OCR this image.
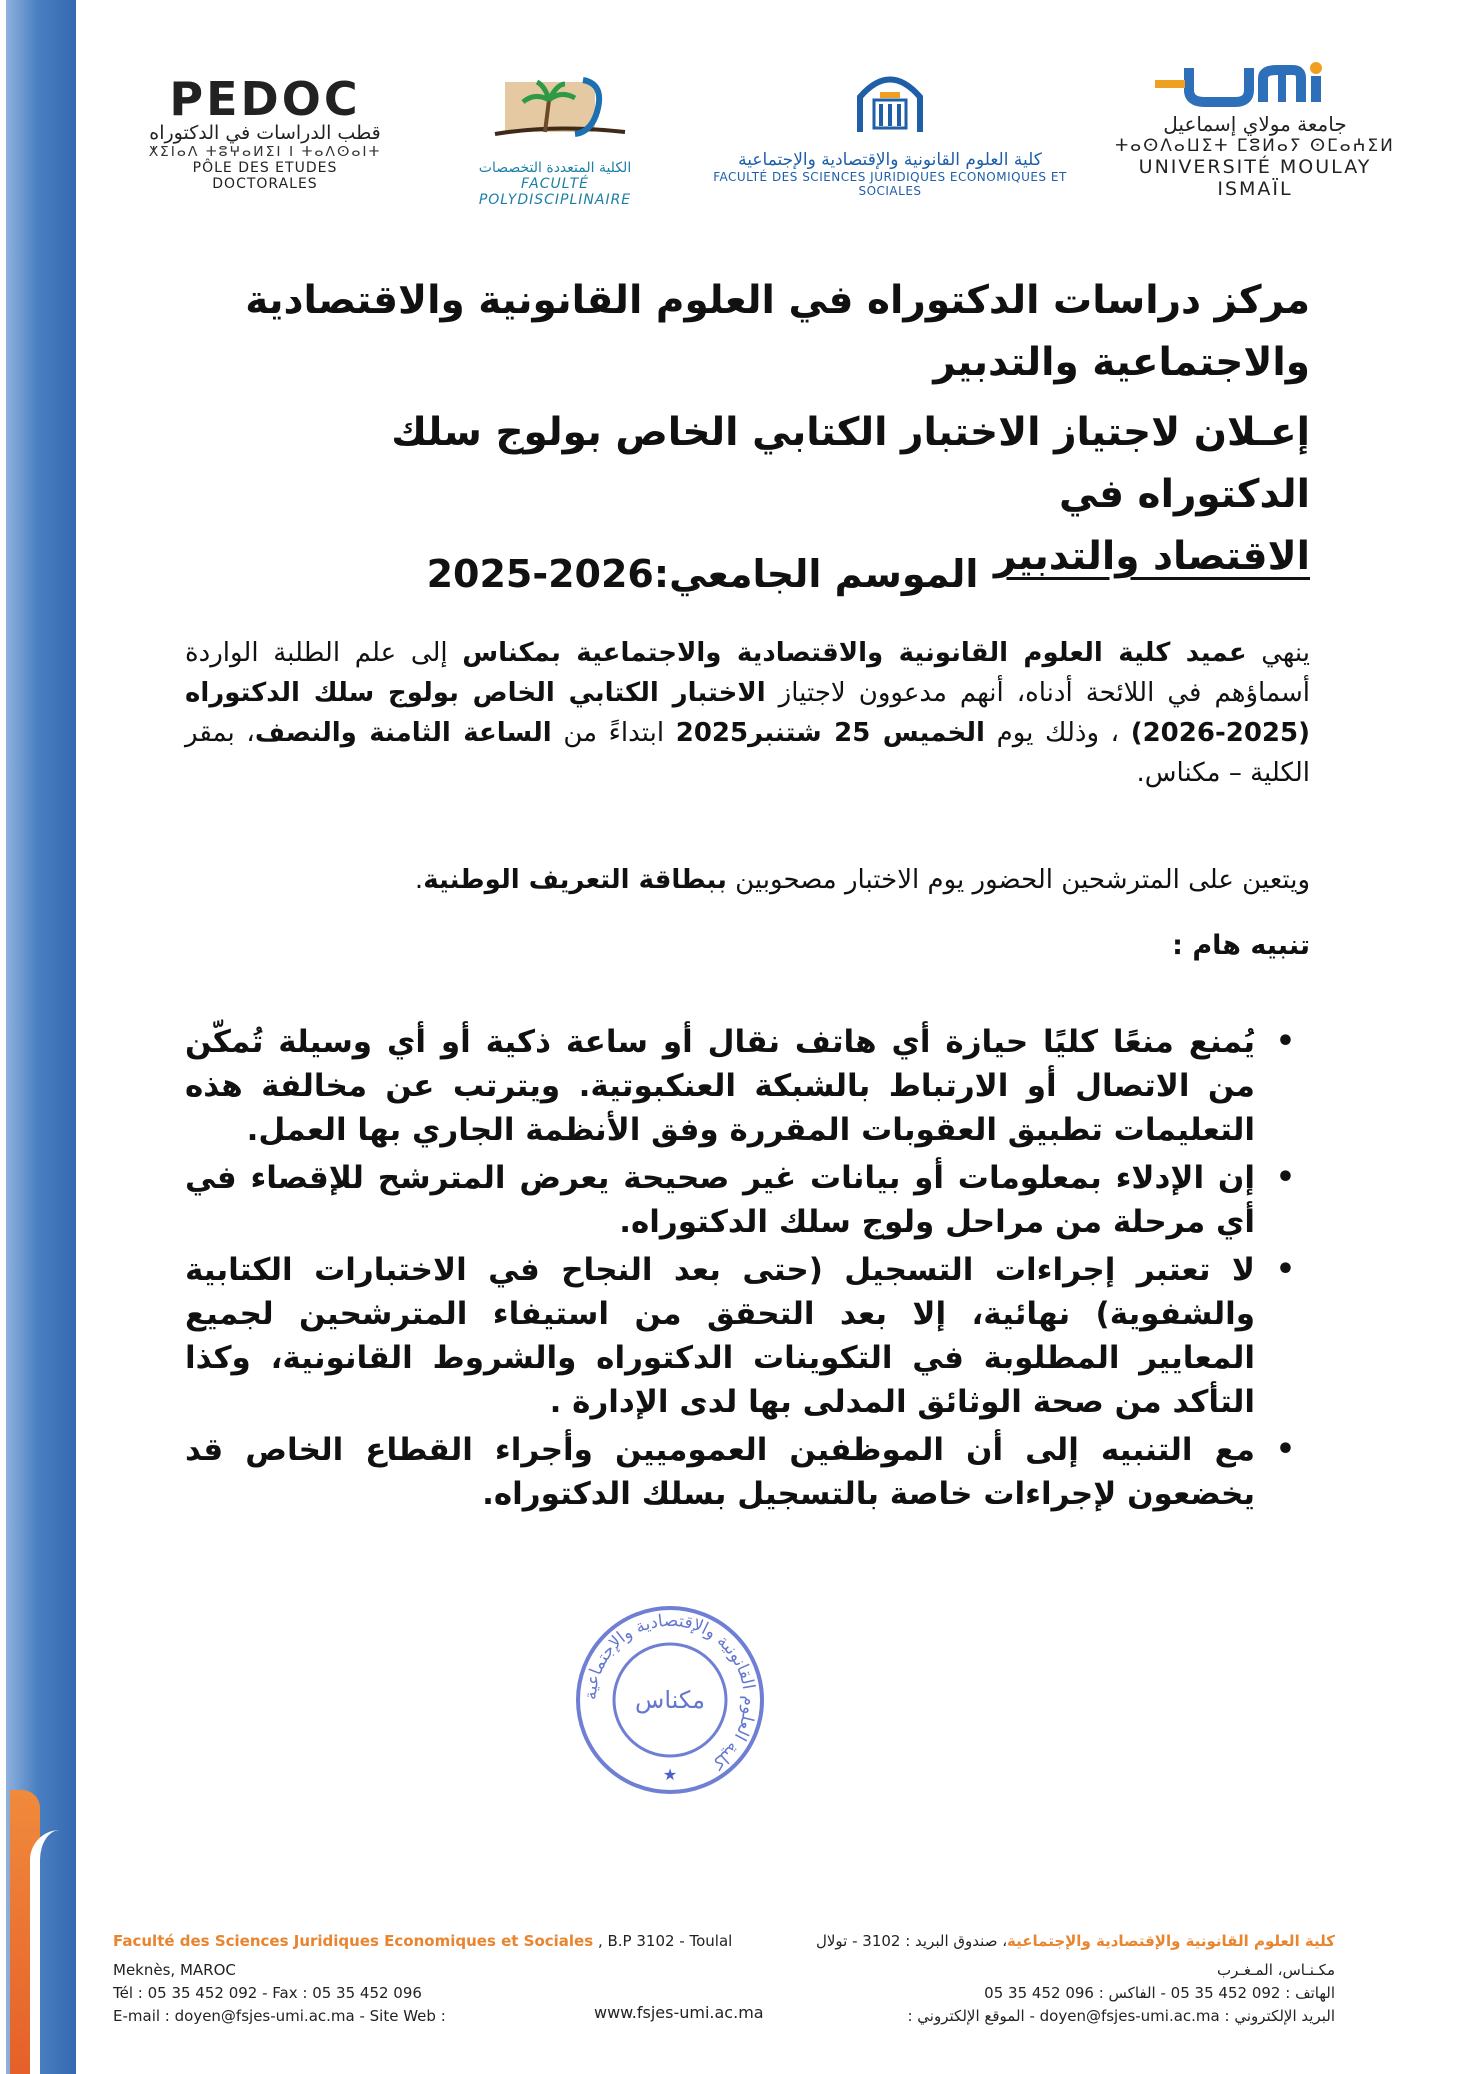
PEDOC
قطب الدراسات في الدكتوراه
ⵅⵉⵏⴰⴷ ⵜⵓⵖⴰⵍⵉⵏ ⵏ ⵜⴰⴷⵙⴰⵏⵜ
PÔLE DES ETUDES DOCTORALES
الكلية المتعددة التخصصات
FACULTÉ POLYDISCIPLINAIRE
كلية العلوم القانونية والإقتصادية والإجتماعية
FACULTÉ DES SCIENCES JURIDIQUES ECONOMIQUES ET SOCIALES
جامعة مولاي إسماعيل
ⵜⴰⵙⴷⴰⵡⵉⵜ ⵎⵓⵍⴰⵢ ⵙⵎⴰⵄⵉⵍ
UNIVERSITÉ MOULAY ISMAÏL
مركز دراسات الدكتوراه في العلوم القانونية والاقتصادية والاجتماعية والتدبير
إعـلان لاجتياز الاختبار الكتابي الخاص بولوج سلك الدكتوراه في
الاقتصاد والتدبير
الموسم الجامعي:2026-2025
ينهي عميد كلية العلوم القانونية والاقتصادية والاجتماعية بمكناس إلى علم الطلبة الواردة أسماؤهم في اللائحة أدناه، أنهم مدعوون لاجتياز الاختبار الكتابي الخاص بولوج سلك الدكتوراه (2025-2026) ، وذلك يوم الخميس 25 شتنبر2025 ابتداءً من الساعة الثامنة والنصف، بمقر الكلية – مكناس.
ويتعين على المترشحين الحضور يوم الاختبار مصحوبين ببطاقة التعريف الوطنية.
تنبيه هام :
•
يُمنع منعًا كليًا حيازة أي هاتف نقال أو ساعة ذكية أو أي وسيلة تُمكّن من الاتصال أو الارتباط بالشبكة العنكبوتية. ويترتب عن مخالفة هذه التعليمات تطبيق العقوبات المقررة وفق الأنظمة الجاري بها العمل.
•
إن الإدلاء بمعلومات أو بيانات غير صحيحة يعرض المترشح للإقصاء في أي مرحلة من مراحل ولوج سلك الدكتوراه.
•
لا تعتبر إجراءات التسجيل (حتى بعد النجاح في الاختبارات الكتابية والشفوية) نهائية، إلا بعد التحقق من استيفاء المترشحين لجميع المعايير المطلوبة في التكوينات الدكتوراه والشروط القانونية، وكذا التأكد من صحة الوثائق المدلى بها لدى الإدارة .
•
مع التنبيه إلى أن الموظفين العموميين وأجراء القطاع الخاص قد يخضعون لإجراءات خاصة بالتسجيل بسلك الدكتوراه.
كلية العلوم القانونية والإقتصادية والإجتماعية
مكناس
★
Faculté des Sciences Juridiques Economiques et Sociales , B.P 3102 - Toulal
Meknès, MAROC
Tél : 05 35 452 092 - Fax : 05 35 452 096
E-mail : doyen@fsjes-umi.ac.ma - Site Web :	www.fsjes-umi.ac.ma
كلية العلوم القانونية والإقتصادية والإجتماعية، صندوق البريد : 3102 - تولال
مكـنـاس، المـغـرب
الهاتف : 092 452 35 05 - الفاكس : 096 452 35 05
البريد الإلكتروني : doyen@fsjes-umi.ac.ma - الموقع الإلكتروني :
